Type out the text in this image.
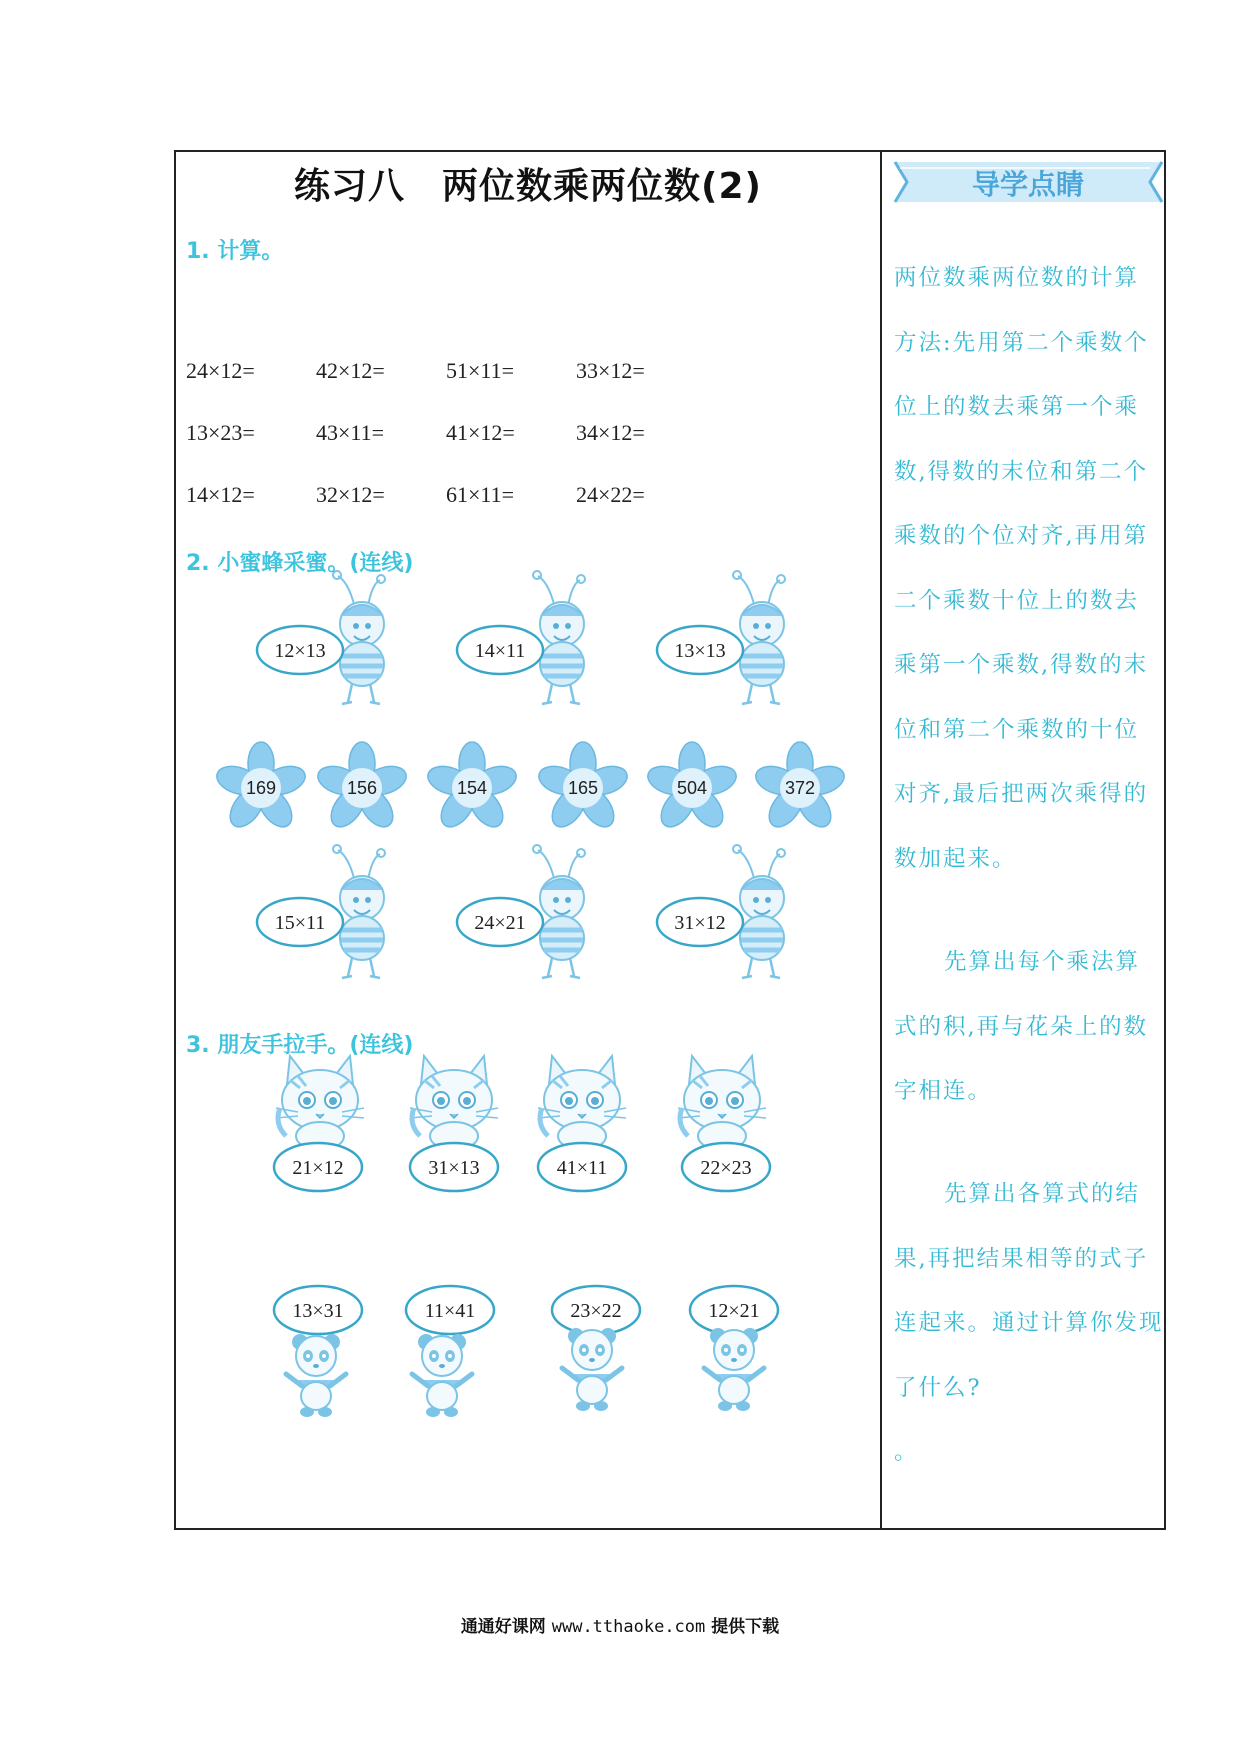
练习八　两位数乘两位数(2)
1. 计算。
24×12=	42×12=	51×11=	33×12=
13×23=	43×11=	41×12=	34×12=
14×12=	32×12=	61×11=	24×22=
2. 小蜜蜂采蜜。(连线)
12×13	14×11	13×13
169	156	154	165	504	372
15×11	24×21	31×12
21×12	31×13	41×11	22×23
13×31	11×41	23×22	12×21
3. 朋友手拉手。(连线)
导学点睛
两位数乘两位数的计算
方法:先用第二个乘数个
位上的数去乘第一个乘
数,得数的末位和第二个
乘数的个位对齐,再用第
二个乘数十位上的数去
乘第一个乘数,得数的末
位和第二个乘数的十位
对齐,最后把两次乘得的
数加起来。
先算出每个乘法算
式的积,再与花朵上的数
字相连。
先算出各算式的结
果,再把结果相等的式子
连起来。通过计算你发现
了什么?
。
通通好课网 www.tthaoke.com 提供下载
